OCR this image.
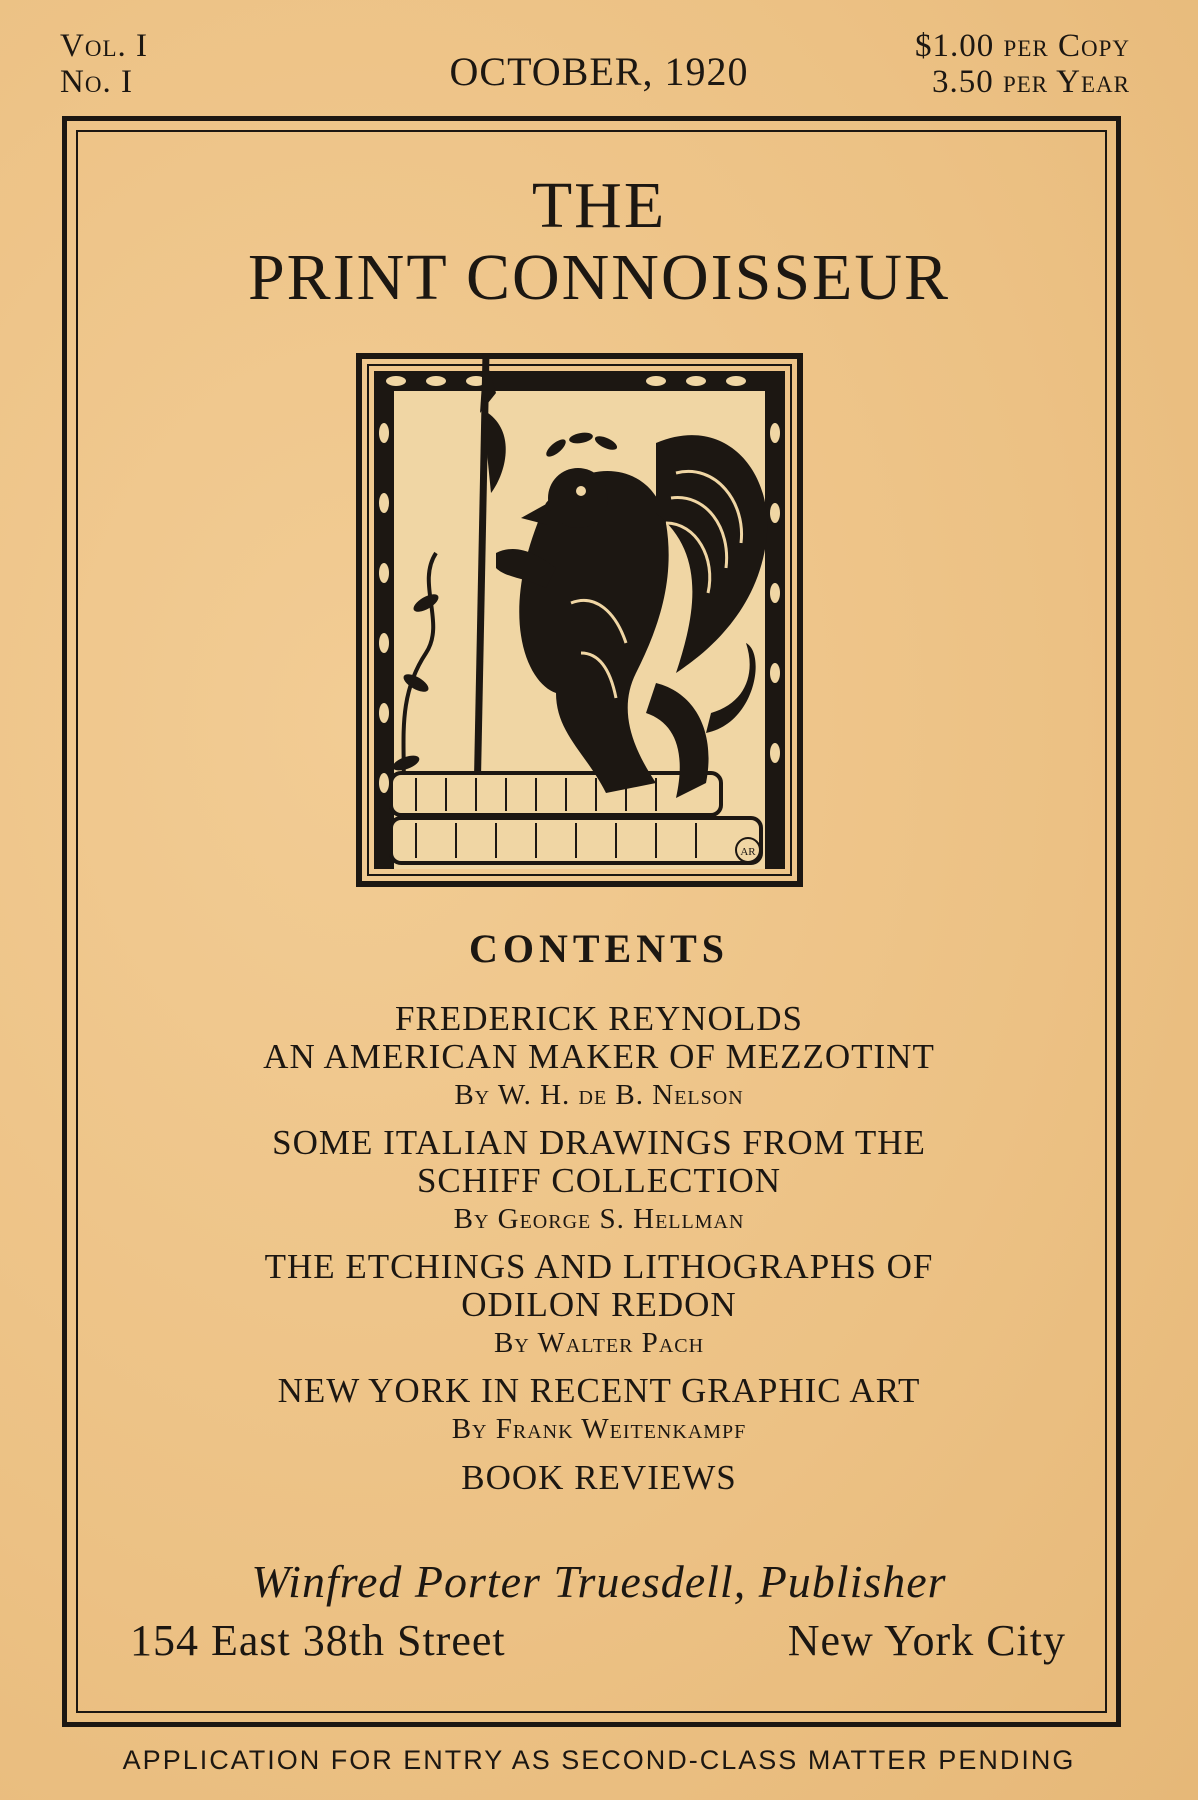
Vol. I
No. I	OCTOBER, 1920
$1.00 per Copy
3.50 per Year
THE
PRINT CONNOISSEUR
AR
CONTENTS
FREDERICK REYNOLDS
AN AMERICAN MAKER OF MEZZOTINT
By W. H. de B. Nelson
SOME ITALIAN DRAWINGS FROM THE
SCHIFF COLLECTION
By George S. Hellman
THE ETCHINGS AND LITHOGRAPHS OF
ODILON REDON
By Walter Pach
NEW YORK IN RECENT GRAPHIC ART
By Frank Weitenkampf
BOOK REVIEWS
Winfred Porter Truesdell, Publisher
154 East 38th Street	New York City
APPLICATION FOR ENTRY AS SECOND-CLASS MATTER PENDING
